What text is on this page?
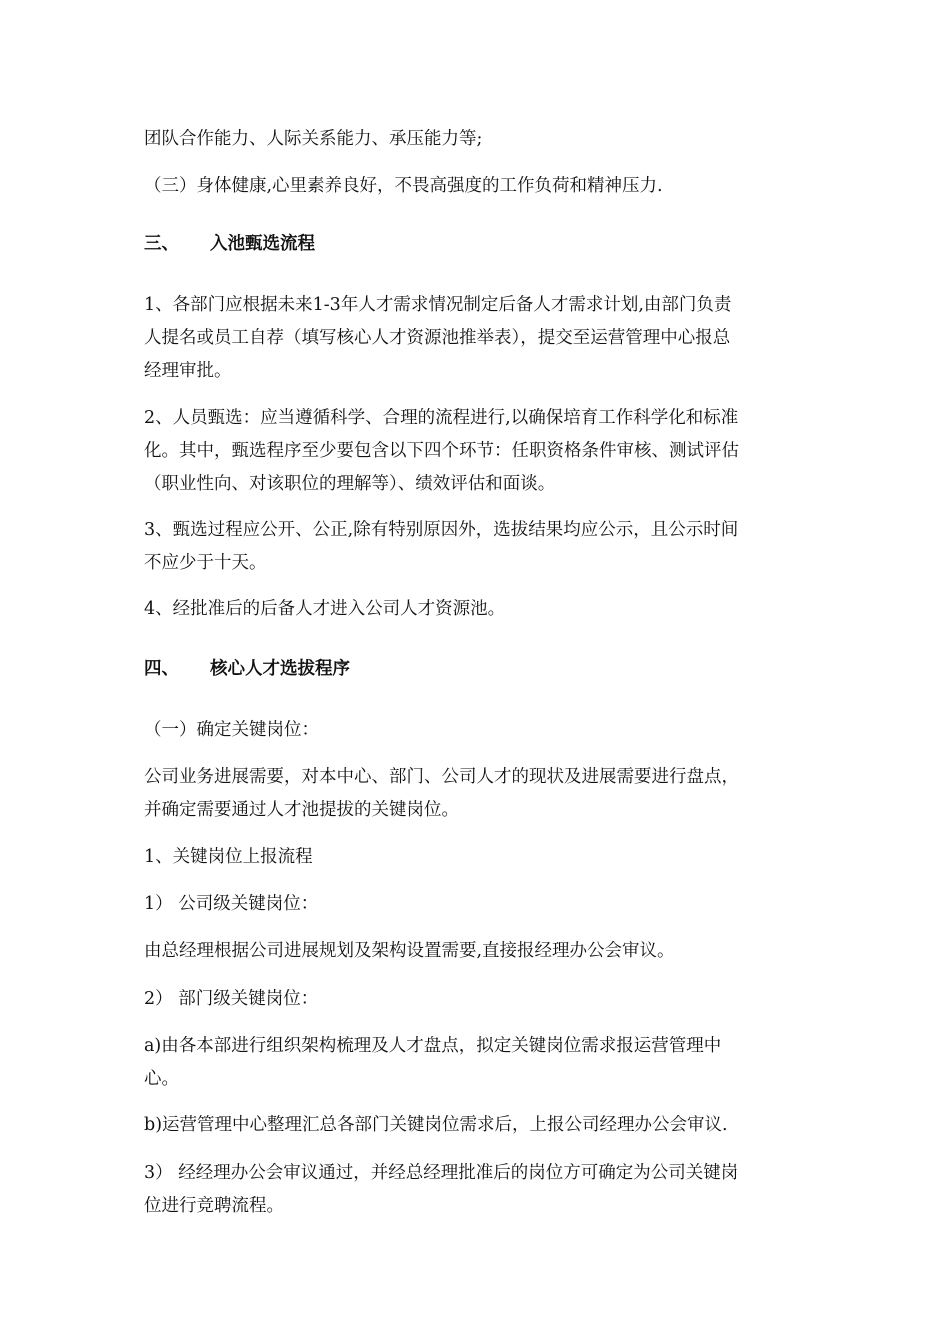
团队合作能力、人际关系能力、承压能力等;
（三）身体健康,心里素养良好，不畏高强度的工作负荷和精神压力.
三、 入池甄选流程
1、各部门应根据未来1-3年人才需求情况制定后备人才需求计划,由部门负责
人提名或员工自荐（填写核心人才资源池推举表），提交至运营管理中心报总
经理审批。
2、人员甄选：应当遵循科学、合理的流程进行,以确保培育工作科学化和标准
化。其中，甄选程序至少要包含以下四个环节：任职资格条件审核、测试评估
（职业性向、对该职位的理解等）、绩效评估和面谈。
3、甄选过程应公开、公正,除有特别原因外，选拔结果均应公示，且公示时间
不应少于十天。
4、经批准后的后备人才进入公司人才资源池。
四、 核心人才选拔程序
（一）确定关键岗位：
公司业务进展需要，对本中心、部门、公司人才的现状及进展需要进行盘点，
并确定需要通过人才池提拔的关键岗位。
1、关键岗位上报流程
1） 公司级关键岗位：
由总经理根据公司进展规划及架构设置需要,直接报经理办公会审议。
2） 部门级关键岗位：
a)由各本部进行组织架构梳理及人才盘点，拟定关键岗位需求报运营管理中
心。
b)运营管理中心整理汇总各部门关键岗位需求后，上报公司经理办公会审议.
3） 经经理办公会审议通过，并经总经理批准后的岗位方可确定为公司关键岗
位进行竞聘流程。
